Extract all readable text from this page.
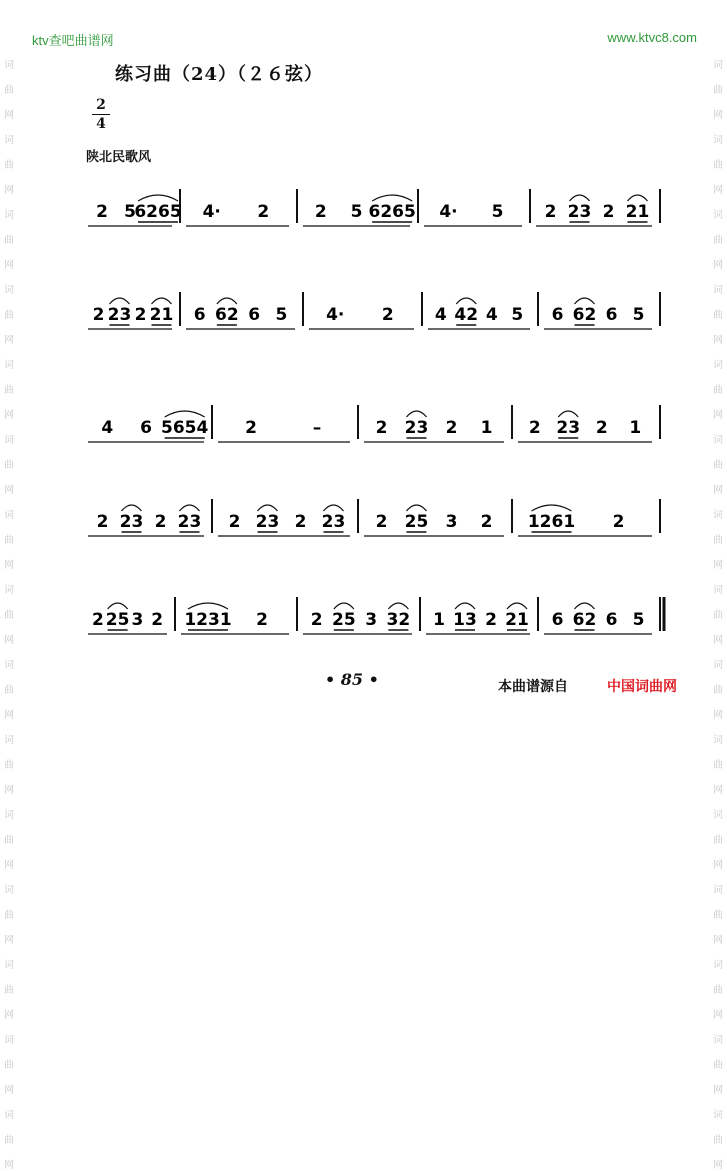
词
曲
网
词
曲
网
词
曲
网
词
曲
网
词
曲
网
词
曲
网
词
曲
网
词
曲
网
词
曲
网
词
曲
网
词
曲
网
词
曲
网
词
曲
网
词
曲
网
词
曲
网
词
曲
网
词
曲
网
词
曲
网
词
曲
网
词
曲
网
词
曲
网
词
曲
网
词
曲
网
词
曲
网
词
曲
网
词
曲
网
词
曲
网
词
曲
网
词
曲
网
词
曲
网
ktv查吧曲谱网	www.ktvc8.com
练习曲（24）（２６弦）
2
4
陕北民歌风
2 5
6265 4· 2	2 5 6265 4· 5 2 23 2 21
2 23 2 21 6 62 6 5 4· 2 4 42 4 5 6 62 6 5
4 6 5654 2	–	2 23 2 1 2 23 2 1
2 23 2 23 2 23 2 23 2 25 3 2 1261 2
2 25 3 2 1231 2	2 25 3 32 1 13 2 21 6 62 6 5
• 85 •	本曲谱源自	中国词曲网
